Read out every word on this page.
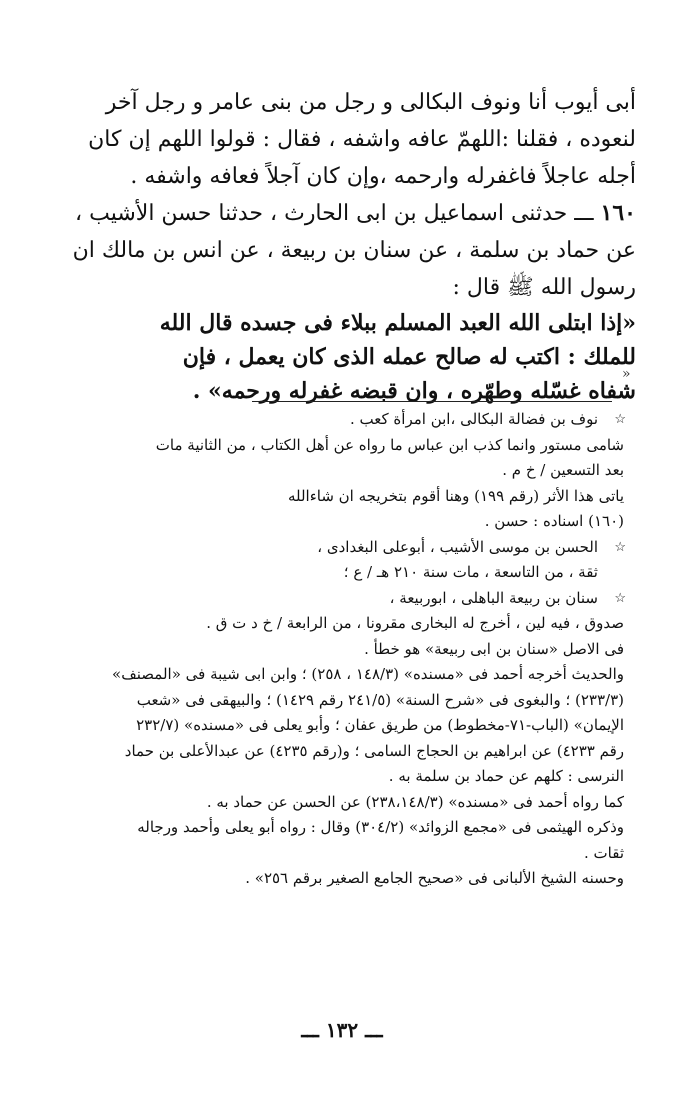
أبى أيوب أنا ونوف البكالى و رجل من بنى عامر و رجل آخر
لنعوده ، فقلنا :اللهمّ عافه واشفه ، فقال : قولوا اللهم إن كان
أجله عاجلاً فاغفرله وارحمه ،وإن كان آجلاً فعافه واشفه .
١٦٠ ـــ حدثنى اسماعيل بن ابى الحارث ، حدثنا حسن الأشيب ،
عن حماد بن سلمة ، عن سنان بن ربيعة ، عن انس بن مالك ان
رسول الله ﷺ قال :
«إذا ابتلى الله العبد المسلم ببلاء فى جسده قال الله
للملك : اكتب له صالح عمله الذى كان يعمل ، فإن
شفاه غسّله وطهّره ، وان قبضه غفرله ورحمه» .
»
☆
نوف بن فضالة البكالى ،ابن امرأة كعب .
شامى مستور وانما كذب ابن عباس ما رواه عن أهل الكتاب ، من الثانية مات
بعد التسعين / خ م .
ياتى هذا الأثر (رقم ١٩٩) وهنا أقوم بتخريجه ان شاءالله
(١٦٠) اسناده : حسن .
☆
الحسن بن موسى الأشيب ، أبوعلى البغدادى ،
ثقة ، من التاسعة ، مات سنة ٢١٠ هـ / ع ؛
☆
سنان بن ربيعة الباهلى ، ابوربيعة ،
صدوق ، فيه لين ، أخرج له البخارى مقرونا ، من الرابعة / خ د ت ق .
فى الاصل «سنان بن ابى ربيعة» هو خطأ .
والحديث أخرجه أحمد فى «مسنده» (١٤٨/٣ ، ٢٥٨) ؛ وابن ابى شيبة فى «المصنف»
(٢٣٣/٣) ؛ والبغوى فى «شرح السنة» (٢٤١/٥ رقم ١٤٢٩) ؛ والبيهقى فى «شعب
الإيمان» (الباب-٧١-مخطوط) من طريق عفان ؛ وأبو يعلى فى «مسنده» (٢٣٢/٧
رقم ٤٢٣٣) عن ابراهيم بن الحجاج السامى ؛ و(رقم ٤٢٣٥) عن عبدالأعلى بن حماد
النرسى : كلهم عن حماد بن سلمة به .
كما رواه أحمد فى «مسنده» (٢٣٨،١٤٨/٣) عن الحسن عن حماد به .
وذكره الهيثمى فى «مجمع الزوائد» (٣٠٤/٢) وقال : رواه أبو يعلى وأحمد ورجاله
ثقات .
وحسنه الشيخ الألبانى فى «صحيح الجامع الصغير برقم ٢٥٦» .
ـــ ١٣٢ ـــ
